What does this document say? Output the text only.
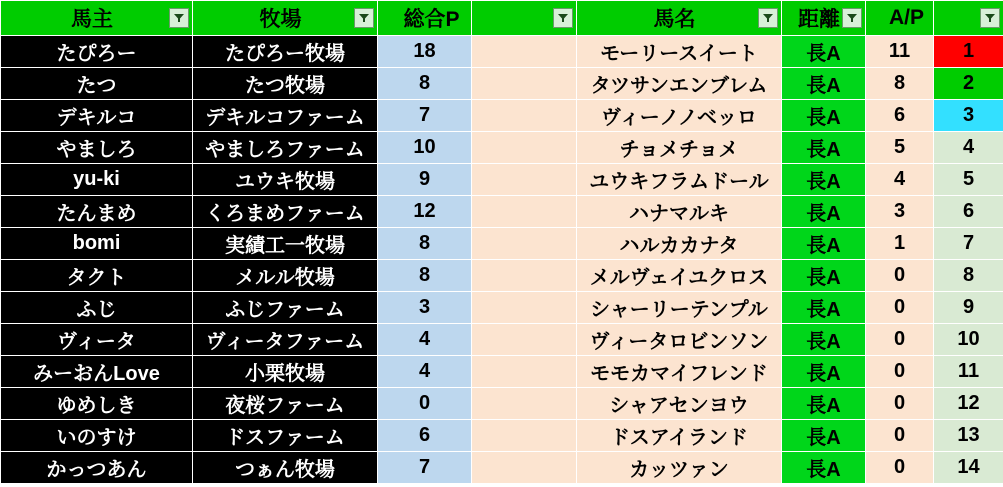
馬主	牧場	総合P		馬名	距離	A/P

たぴろー	たぴろー牧場	18		モーリースイート	長A	11	1
たつ	たつ牧場	8		タツサンエンブレム	長A	8	2
デキルコ	デキルコファーム	7		ヴィーノノベッロ	長A	6	3
やましろ	やましろファーム	10		チョメチョメ	長A	5	4
yu-ki	ユウキ牧場	9		ユウキフラムドール	長A	4	5
たんまめ	くろまめファーム	12		ハナマルキ	長A	3	6
bomi	実績工一牧場	8		ハルカカナタ	長A	1	7
タクト	メルル牧場	8		メルヴェイユクロス	長A	0	8
ふじ	ふじファーム	3		シャーリーテンプル	長A	0	9
ヴィータ	ヴィータファーム	4		ヴィータロビンソン	長A	0	10
みーおんLove	小栗牧場	4		モモカマイフレンド	長A	0	11
ゆめしき	夜桜ファーム	0		シャアセンヨウ	長A	0	12
いのすけ	ドスファーム	6		ドスアイランド	長A	0	13
かっつあん	つぁん牧場	7		カッツァン	長A	0	14
